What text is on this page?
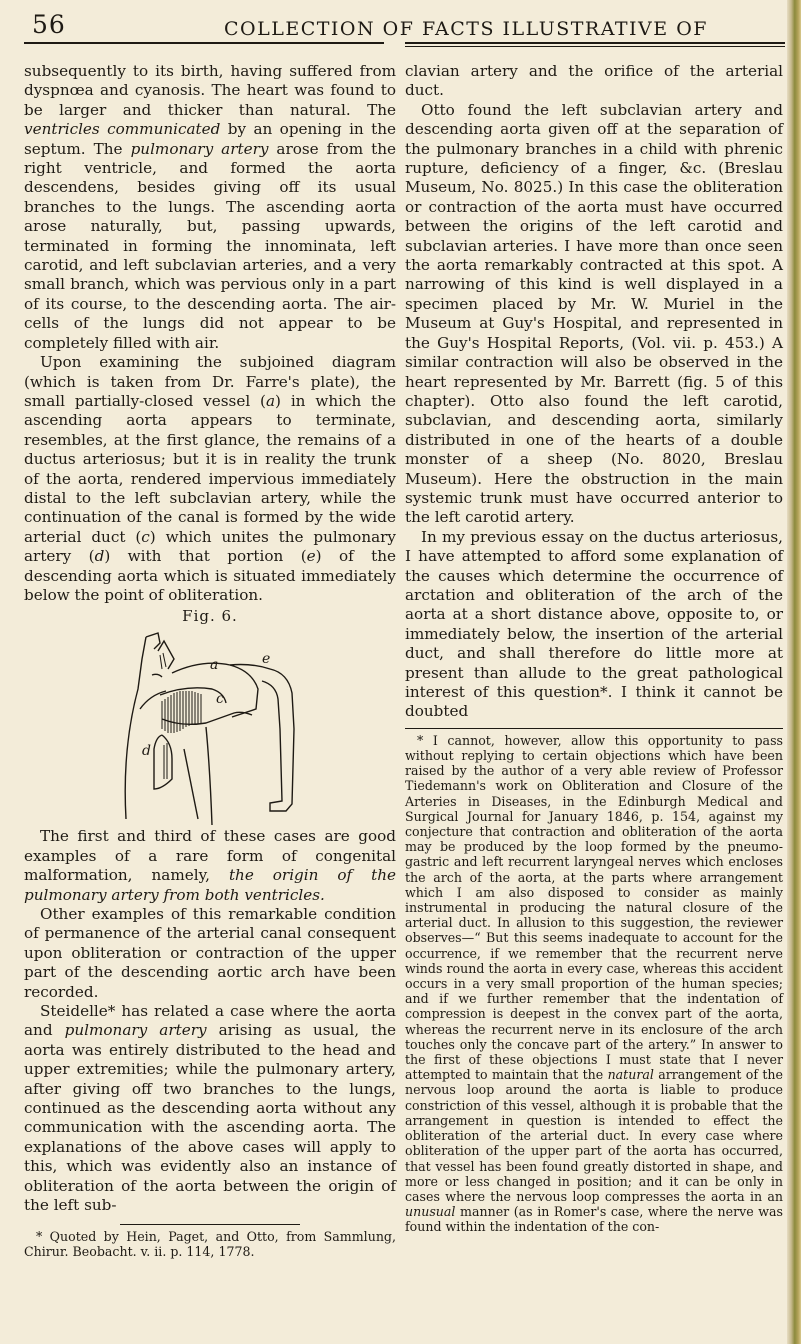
56	COLLECTION OF FACTS ILLUSTRATIVE OF

subsequently to its birth, having suffered from dyspnœa and cyanosis. The heart was found to be larger and thicker than natural. The ventricles communicated by an opening in the septum. The pulmonary artery arose from the right ventricle, and formed the aorta descendens, besides giving off its usual branches to the lungs. The ascending aorta arose naturally, but, passing upwards, terminated in forming the innominata, left carotid, and left subclavian arteries, and a very small branch, which was pervious only in a part of its course, to the descending aorta. The air-cells of the lungs did not appear to be completely filled with air.

Upon examining the subjoined diagram (which is taken from Dr. Farre's plate), the small partially-closed vessel (a) in which the ascending aorta appears to terminate, resembles, at the first glance, the remains of a ductus arteriosus; but it is in reality the trunk of the aorta, rendered impervious immediately distal to the left subclavian artery, while the continuation of the canal is formed by the wide arterial duct (c) which unites the pulmonary artery (d) with that portion (e) of the descending aorta which is situated immediately below the point of obliteration.

Fig. 6.
a	e
c
d

The first and third of these cases are good examples of a rare form of congenital malformation, namely, the origin of the pulmonary artery from both ventricles.

Other examples of this remarkable condition of permanence of the arterial canal consequent upon obliteration or contraction of the upper part of the descending aortic arch have been recorded.

Steidelle* has related a case where the aorta and pulmonary artery arising as usual, the aorta was entirely distributed to the head and upper extremities; while the pulmonary artery, after giving off two branches to the lungs, continued as the descending aorta without any communication with the ascending aorta. The explanations of the above cases will apply to this, which was evidently also an instance of obliteration of the aorta between the origin of the left sub-

* Quoted by Hein, Paget, and Otto, from Sammlung, Chirur. Beobacht. v. ii. p. 114, 1778.

clavian artery and the orifice of the arterial duct.

Otto found the left subclavian artery and descending aorta given off at the separation of the pulmonary branches in a child with phrenic rupture, deficiency of a finger, &c. (Breslau Museum, No. 8025.) In this case the obliteration or contraction of the aorta must have occurred between the origins of the left carotid and subclavian arteries. I have more than once seen the aorta remarkably contracted at this spot. A narrowing of this kind is well displayed in a specimen placed by Mr. W. Muriel in the Museum at Guy's Hospital, and represented in the Guy's Hospital Reports, (Vol. vii. p. 453.) A similar contraction will also be observed in the heart represented by Mr. Barrett (fig. 5 of this chapter). Otto also found the left carotid, subclavian, and descending aorta, similarly distributed in one of the hearts of a double monster of a sheep (No. 8020, Breslau Museum). Here the obstruction in the main systemic trunk must have occurred anterior to the left carotid artery.

In my previous essay on the ductus arteriosus, I have attempted to afford some explanation of the causes which determine the occurrence of arctation and obliteration of the arch of the aorta at a short distance above, opposite to, or immediately below, the insertion of the arterial duct, and shall therefore do little more at present than allude to the great pathological interest of this question*. I think it cannot be doubted

* I cannot, however, allow this opportunity to pass without replying to certain objections which have been raised by the author of a very able review of Professor Tiedemann's work on Obliteration and Closure of the Arteries in Diseases, in the Edinburgh Medical and Surgical Journal for January 1846, p. 154, against my conjecture that contraction and obliteration of the aorta may be produced by the loop formed by the pneumo-gastric and left recurrent laryngeal nerves which encloses the arch of the aorta, at the parts where arrangement which I am also disposed to consider as mainly instrumental in producing the natural closure of the arterial duct. In allusion to this suggestion, the reviewer observes—“ But this seems inadequate to account for the occurrence, if we remember that the recurrent nerve winds round the aorta in every case, whereas this accident occurs in a very small proportion of the human species; and if we further remember that the indentation of compression is deepest in the convex part of the aorta, whereas the recurrent nerve in its enclosure of the arch touches only the concave part of the artery.” In answer to the first of these objections I must state that I never attempted to maintain that the natural arrangement of the nervous loop around the aorta is liable to produce constriction of this vessel, although it is probable that the arrangement in question is intended to effect the obliteration of the arterial duct. In every case where obliteration of the upper part of the aorta has occurred, that vessel has been found greatly distorted in shape, and more or less changed in position; and it can be only in cases where the nervous loop compresses the aorta in an unusual manner (as in Romer's case, where the nerve was found within the indentation of the con-
